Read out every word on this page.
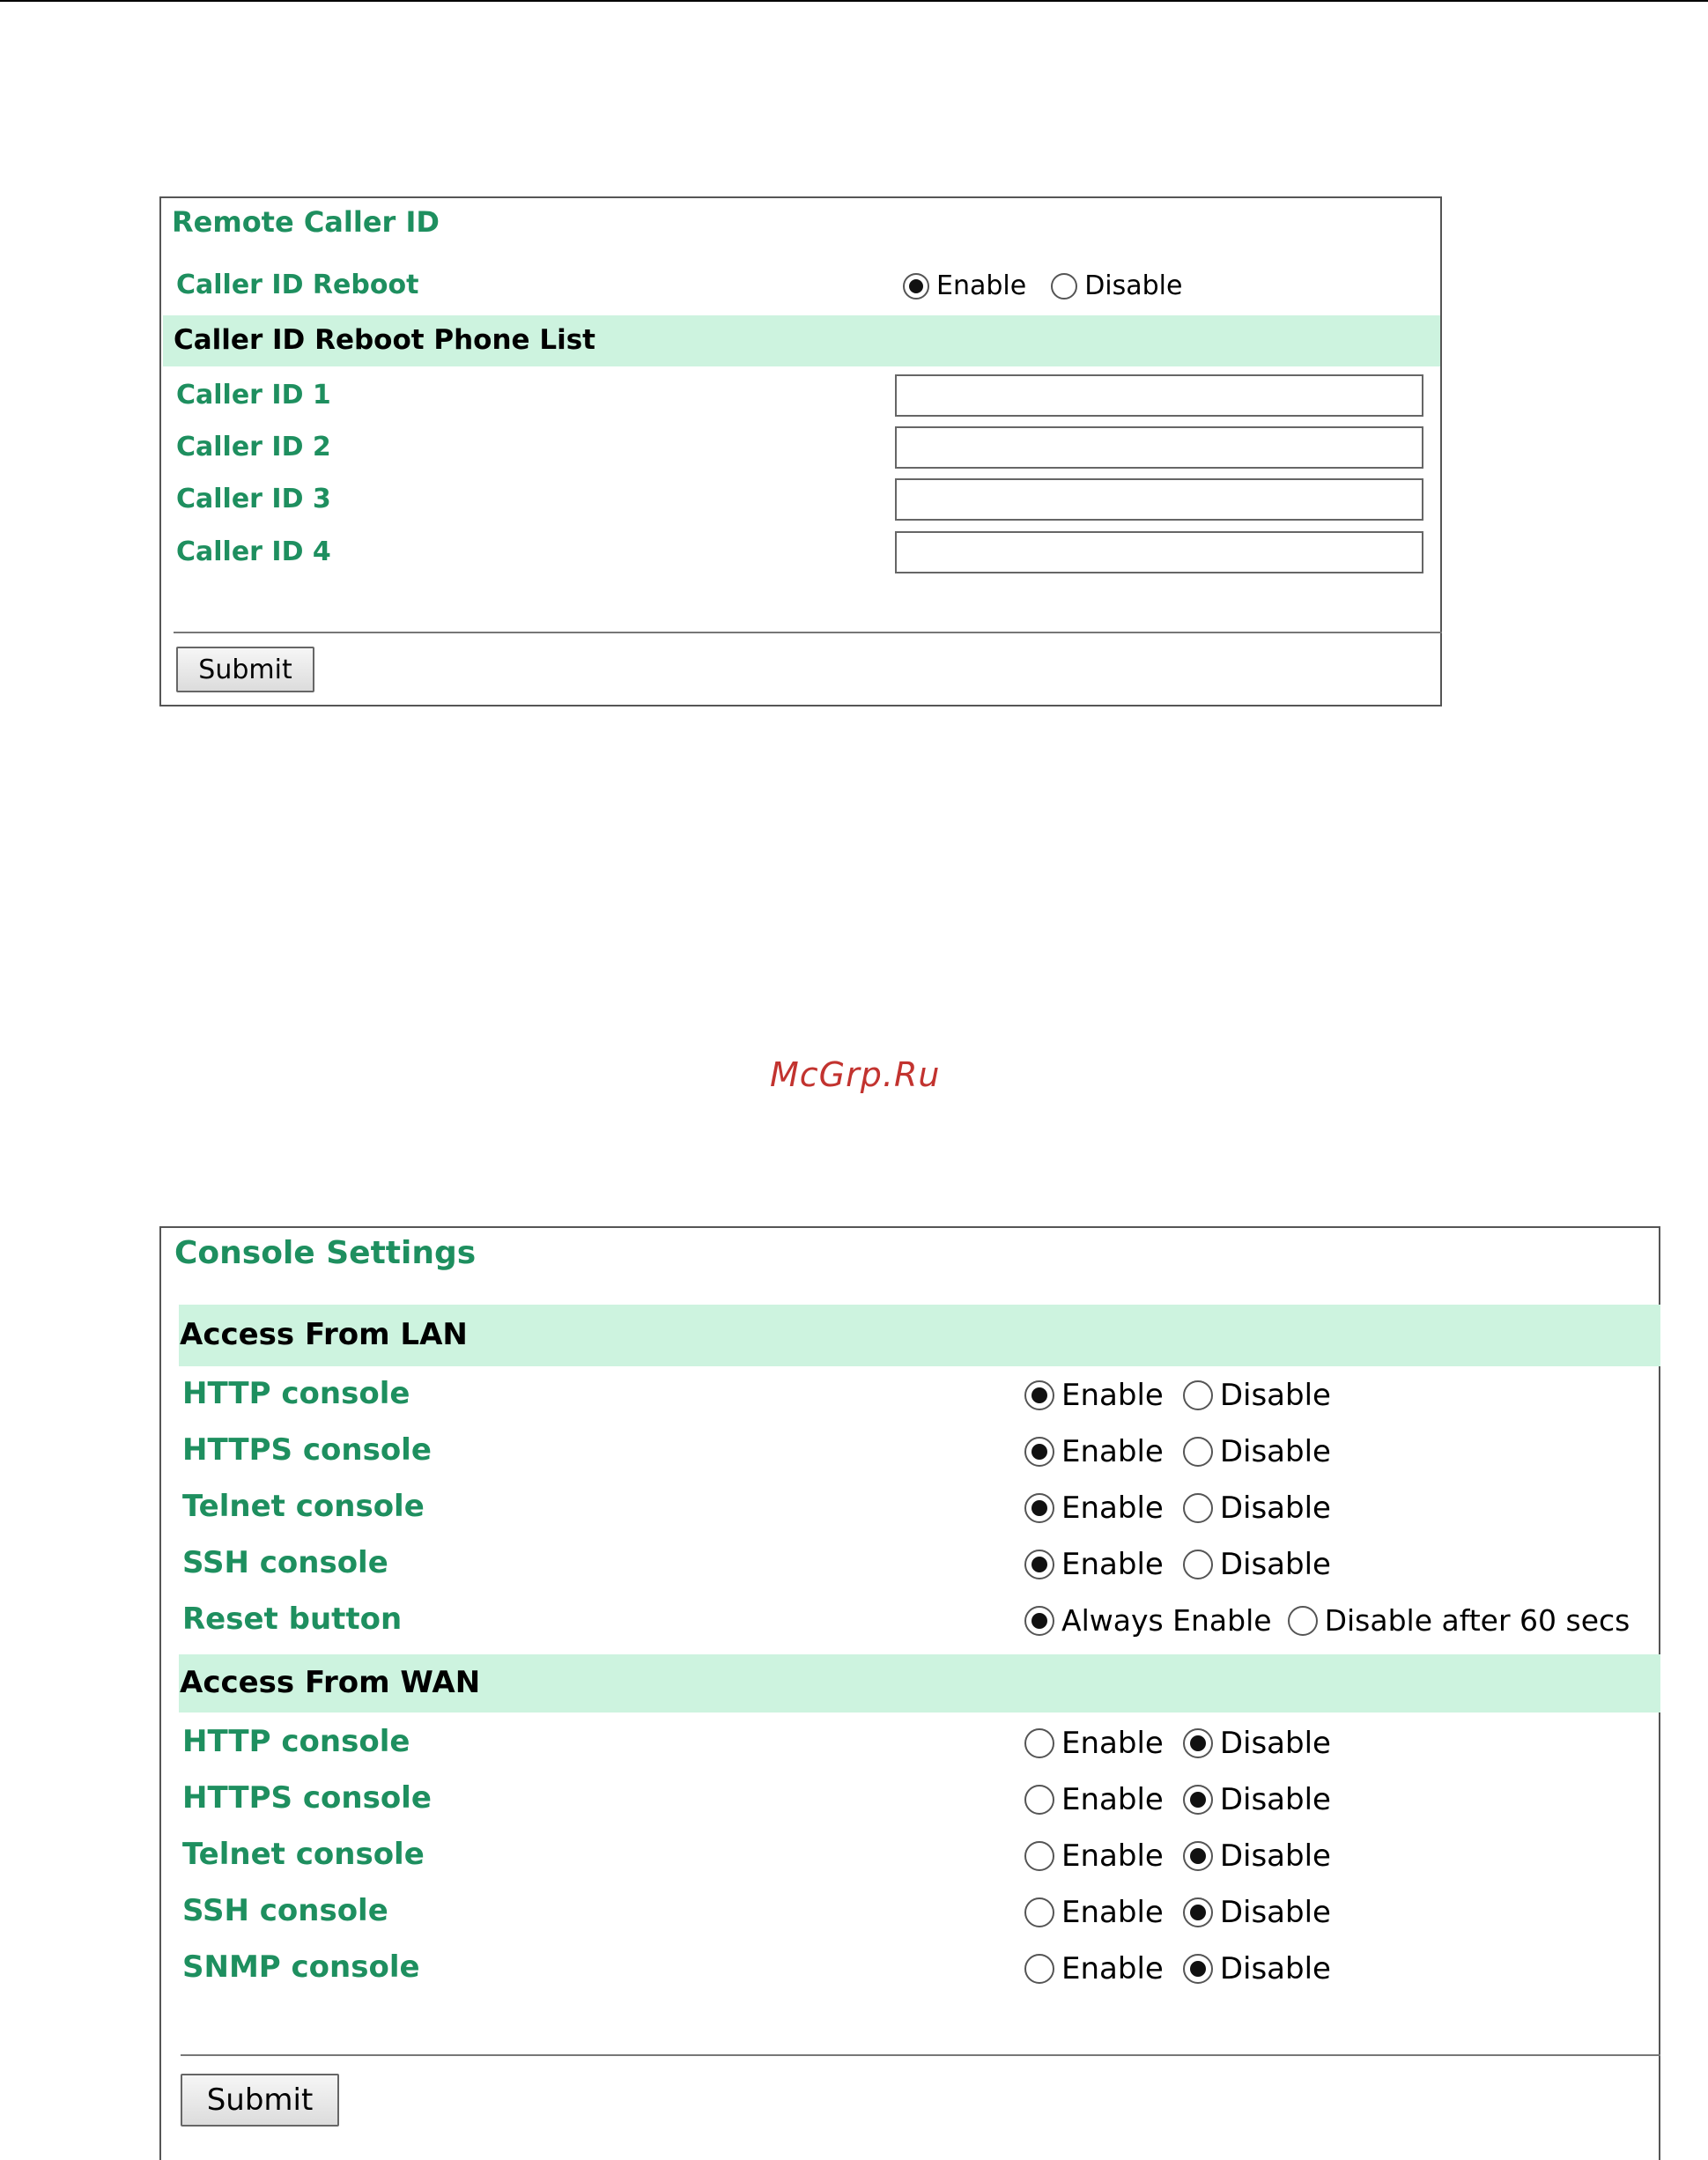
Remote Caller ID
Caller ID Reboot	Enable Disable
Caller ID Reboot Phone List
Caller ID 1
Caller ID 2
Caller ID 3
Caller ID 4
Submit
McGrp.Ru
Console Settings
Access From LAN
HTTP console	Enable Disable
HTTPS console	Enable Disable
Telnet console	Enable Disable
SSH console	Enable Disable
Reset button	Always Enable Disable after 60 secs
Access From WAN
HTTP console	Enable Disable
HTTPS console	Enable Disable
Telnet console	Enable Disable
SSH console	Enable Disable
SNMP console	Enable Disable
Submit
